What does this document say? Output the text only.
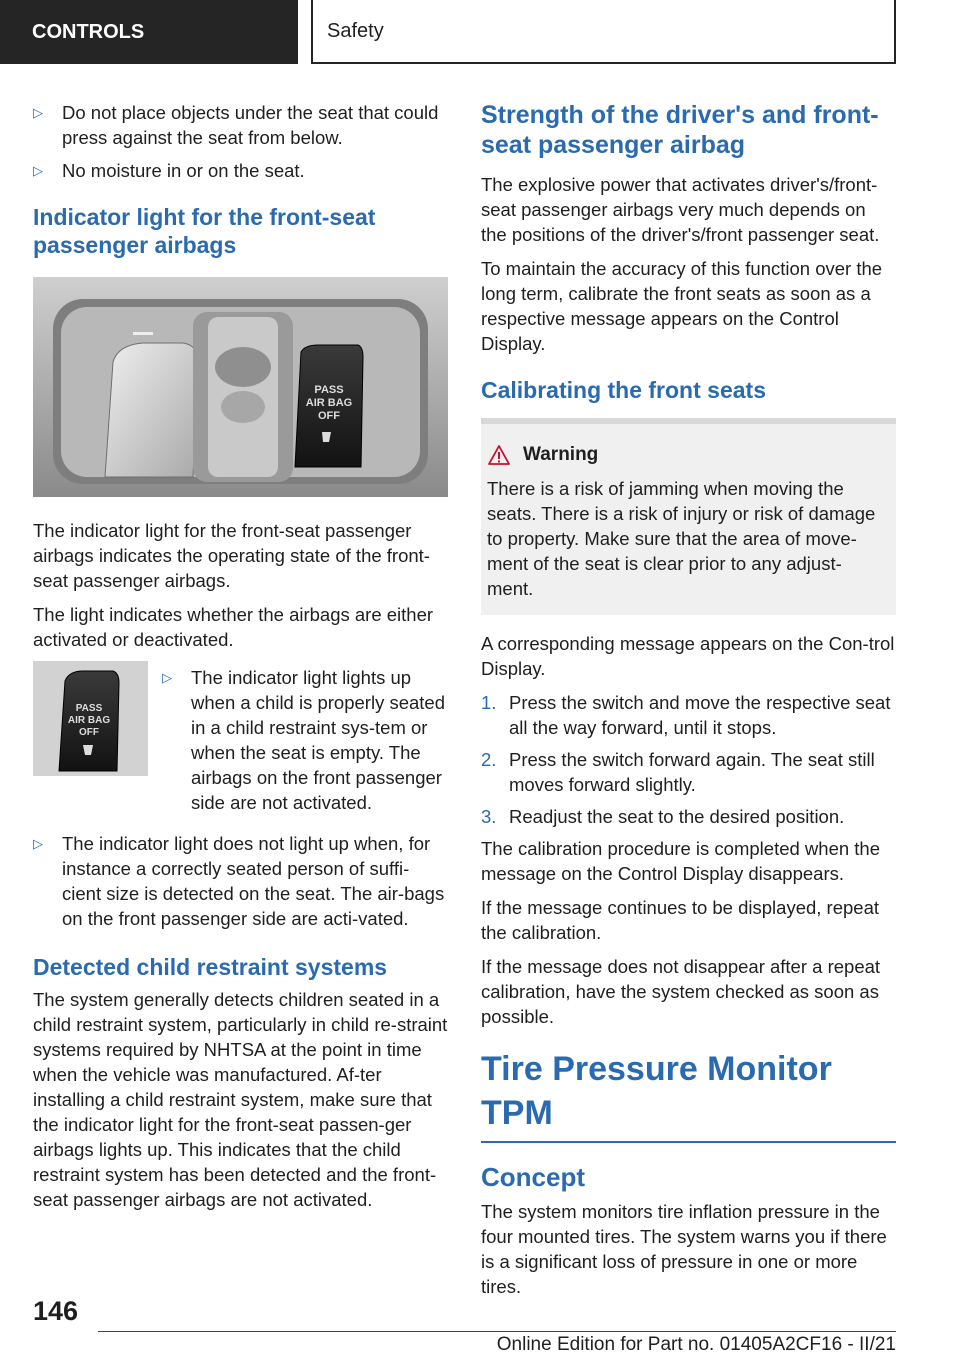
CONTROLS	Safety
▷ Do not place objects under the seat that could press against the seat from below.
▷ No moisture in or on the seat.
Indicator light for the front-seat passenger airbags
PASS
AIR BAG
OFF

The indicator light for the front-seat passenger airbags indicates the operating state of the front-seat passenger airbags.

The light indicates whether the airbags are either activated or deactivated.

PASS
AIR BAG
OFF
▷ The indicator light lights up when a child is properly seated in a child restraint sys-tem or when the seat is empty. The airbags on the front passenger side are not activated.
▷ The indicator light does not light up when, for instance a correctly seated person of suffi-cient size is detected on the seat. The air-bags on the front passenger side are acti-vated.
Detected child restraint systems

The system generally detects children seated in a child restraint system, particularly in child re-straint systems required by NHTSA at the point in time when the vehicle was manufactured. Af-ter installing a child restraint system, make sure that the indicator light for the front-seat passen-ger airbags lights up. This indicates that the child restraint system has been detected and the front-seat passenger airbags are not activated.

Strength of the driver's and front-seat passenger airbag

The explosive power that activates driver's/front-seat passenger airbags very much depends on the positions of the driver's/front passenger seat.

To maintain the accuracy of this function over the long term, calibrate the front seats as soon as a respective message appears on the Control Display.

Calibrating the front seats
Warning

There is a risk of jamming when moving the seats. There is a risk of injury or risk of damage to property. Make sure that the area of move-ment of the seat is clear prior to any adjust-ment.

A corresponding message appears on the Con-trol Display.

1. Press the switch and move the respective seat all the way forward, until it stops.
2. Press the switch forward again. The seat still moves forward slightly.
3. Readjust the seat to the desired position.

The calibration procedure is completed when the message on the Control Display disappears.

If the message continues to be displayed, repeat the calibration.

If the message does not disappear after a repeat calibration, have the system checked as soon as possible.

Tire Pressure Monitor TPM
Concept

The system monitors tire inflation pressure in the four mounted tires. The system warns you if there is a significant loss of pressure in one or more tires.

146
Online Edition for Part no. 01405A2CF16 - II/21
